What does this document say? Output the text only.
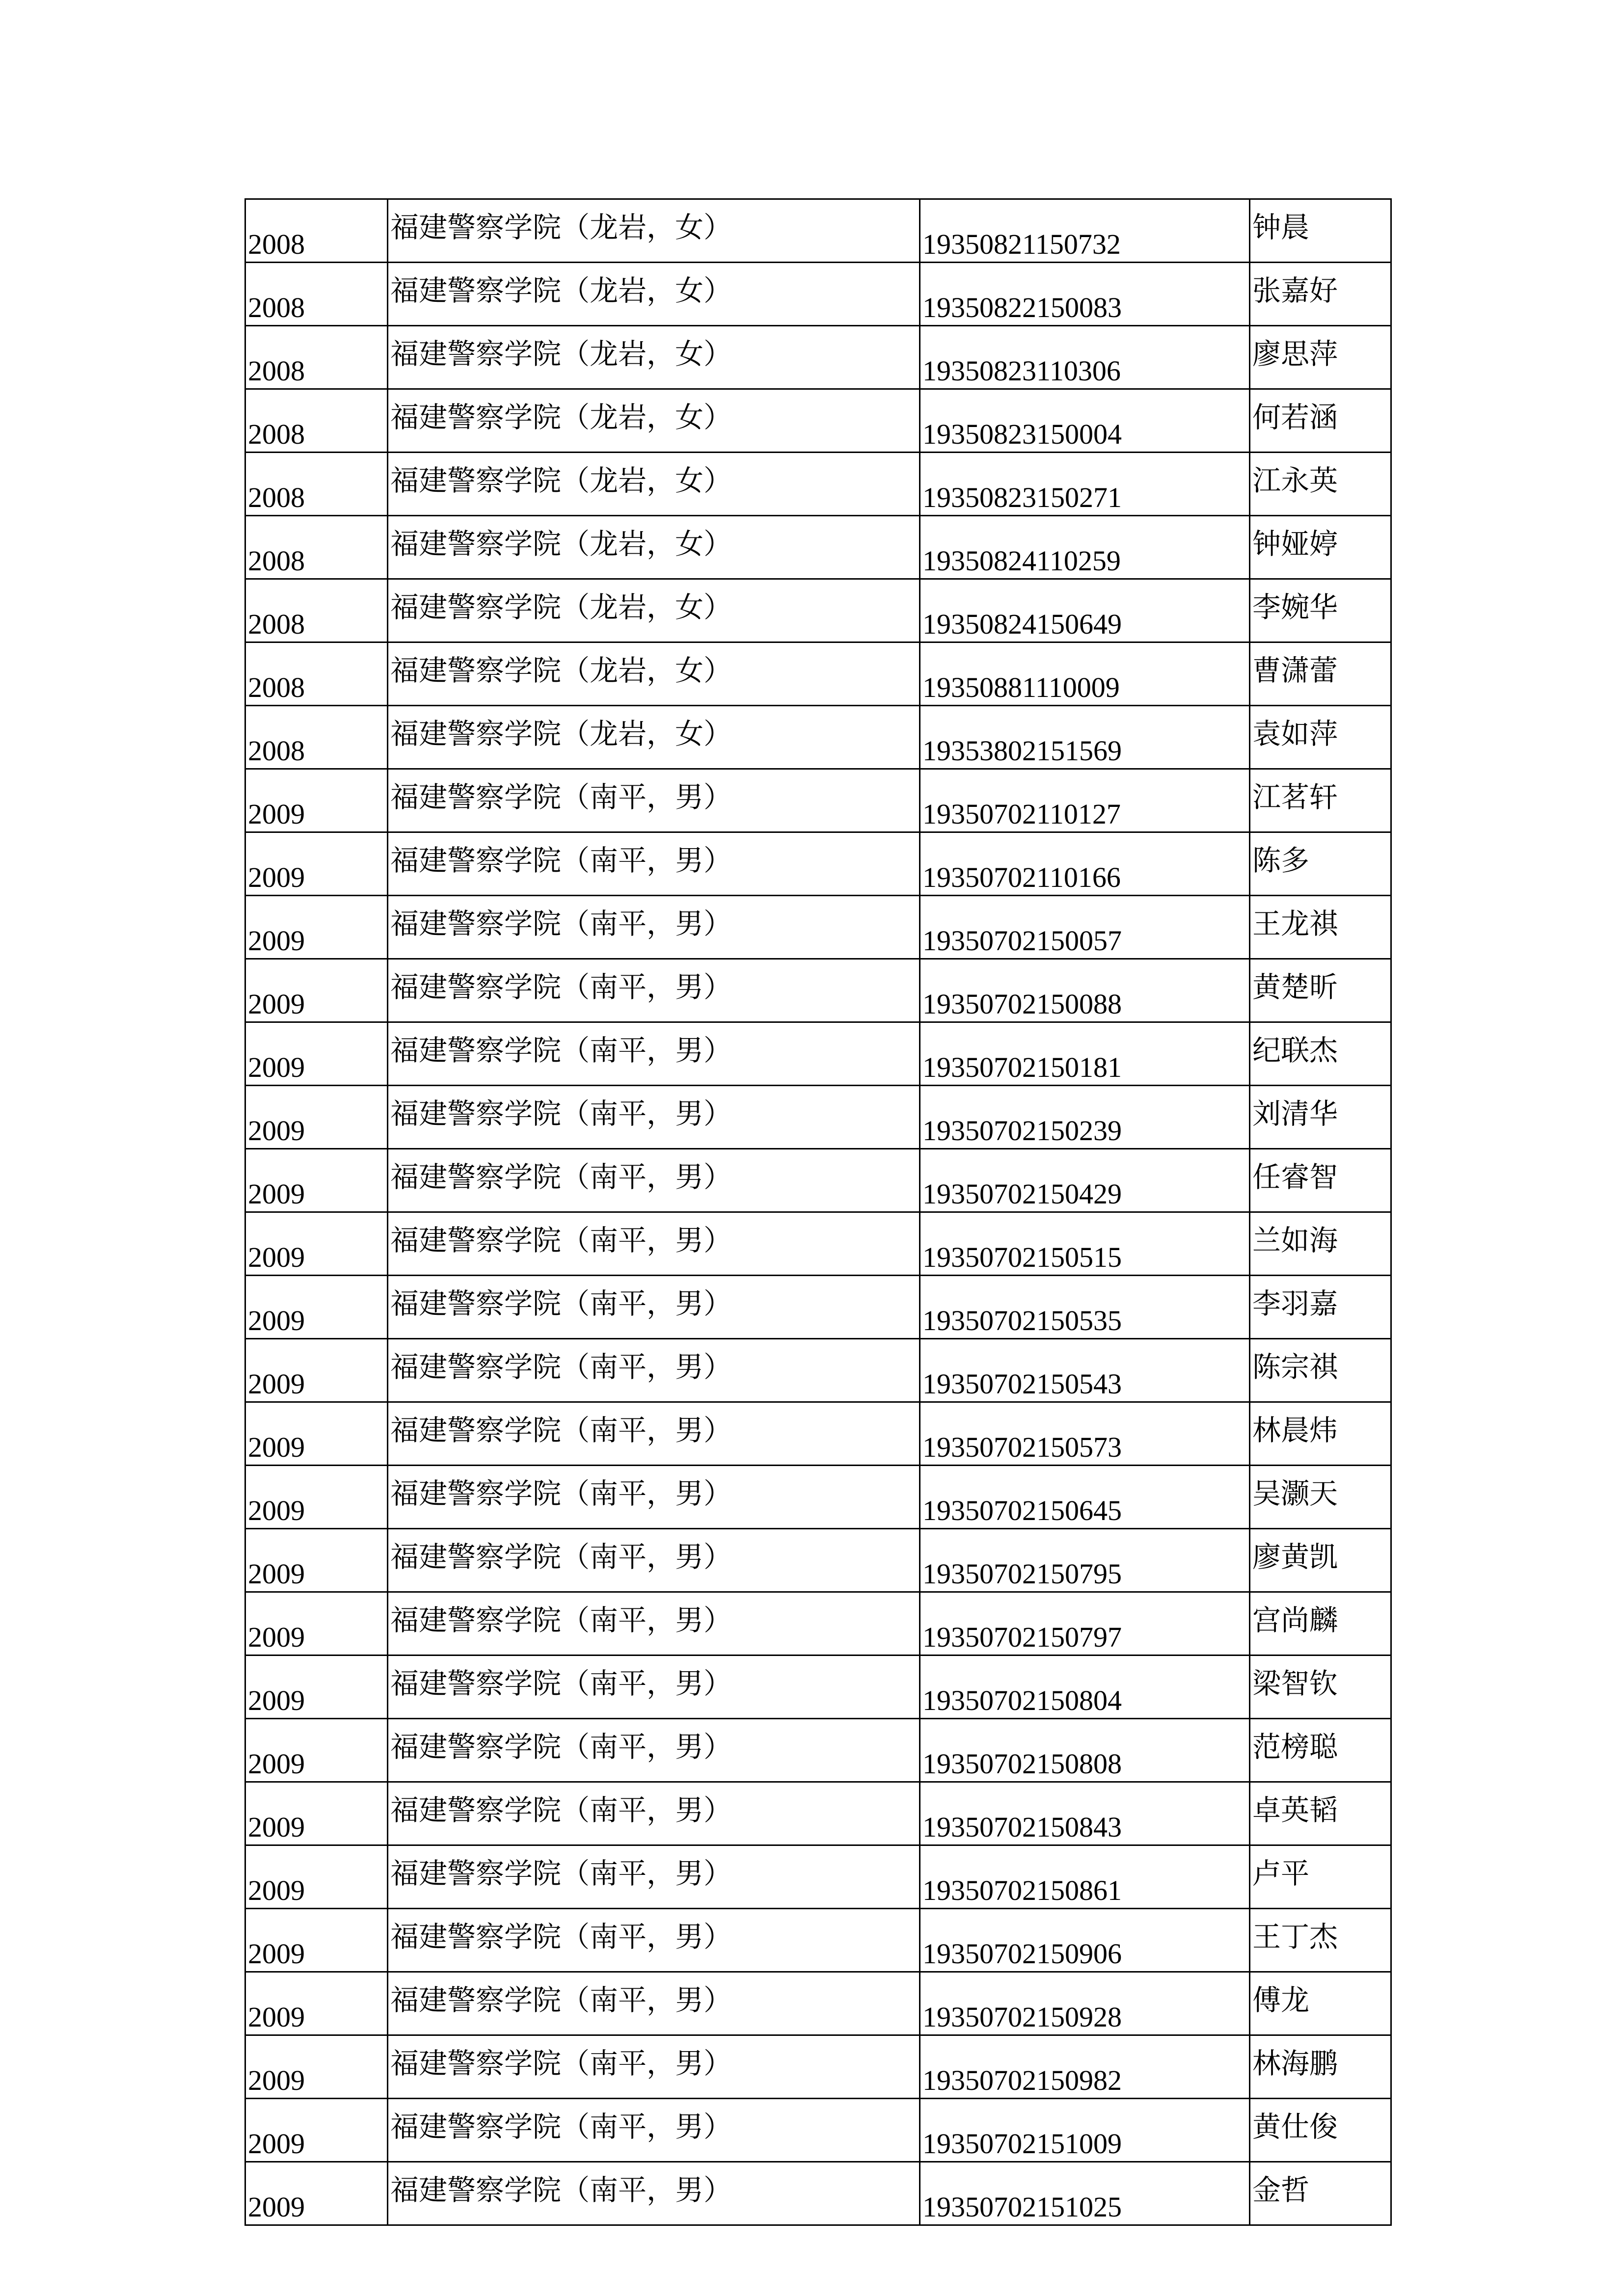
2008	福建警察学院（龙岩，女）	19350821150732	钟晨
2008	福建警察学院（龙岩，女）	19350822150083	张嘉好
2008	福建警察学院（龙岩，女）	19350823110306	廖思萍
2008	福建警察学院（龙岩，女）	19350823150004	何若涵
2008	福建警察学院（龙岩，女）	19350823150271	江永英
2008	福建警察学院（龙岩，女）	19350824110259	钟娅婷
2008	福建警察学院（龙岩，女）	19350824150649	李婉华
2008	福建警察学院（龙岩，女）	19350881110009	曹潇蕾
2008	福建警察学院（龙岩，女）	19353802151569	袁如萍
2009	福建警察学院（南平，男）	19350702110127	江茗轩
2009	福建警察学院（南平，男）	19350702110166	陈多
2009	福建警察学院（南平，男）	19350702150057	王龙祺
2009	福建警察学院（南平，男）	19350702150088	黄楚昕
2009	福建警察学院（南平，男）	19350702150181	纪联杰
2009	福建警察学院（南平，男）	19350702150239	刘清华
2009	福建警察学院（南平，男）	19350702150429	任睿智
2009	福建警察学院（南平，男）	19350702150515	兰如海
2009	福建警察学院（南平，男）	19350702150535	李羽嘉
2009	福建警察学院（南平，男）	19350702150543	陈宗祺
2009	福建警察学院（南平，男）	19350702150573	林晨炜
2009	福建警察学院（南平，男）	19350702150645	吴灏天
2009	福建警察学院（南平，男）	19350702150795	廖黄凯
2009	福建警察学院（南平，男）	19350702150797	宫尚麟
2009	福建警察学院（南平，男）	19350702150804	梁智钦
2009	福建警察学院（南平，男）	19350702150808	范榜聪
2009	福建警察学院（南平，男）	19350702150843	卓英韬
2009	福建警察学院（南平，男）	19350702150861	卢平
2009	福建警察学院（南平，男）	19350702150906	王丁杰
2009	福建警察学院（南平，男）	19350702150928	傅龙
2009	福建警察学院（南平，男）	19350702150982	林海鹏
2009	福建警察学院（南平，男）	19350702151009	黄仕俊
2009	福建警察学院（南平，男）	19350702151025	金哲
